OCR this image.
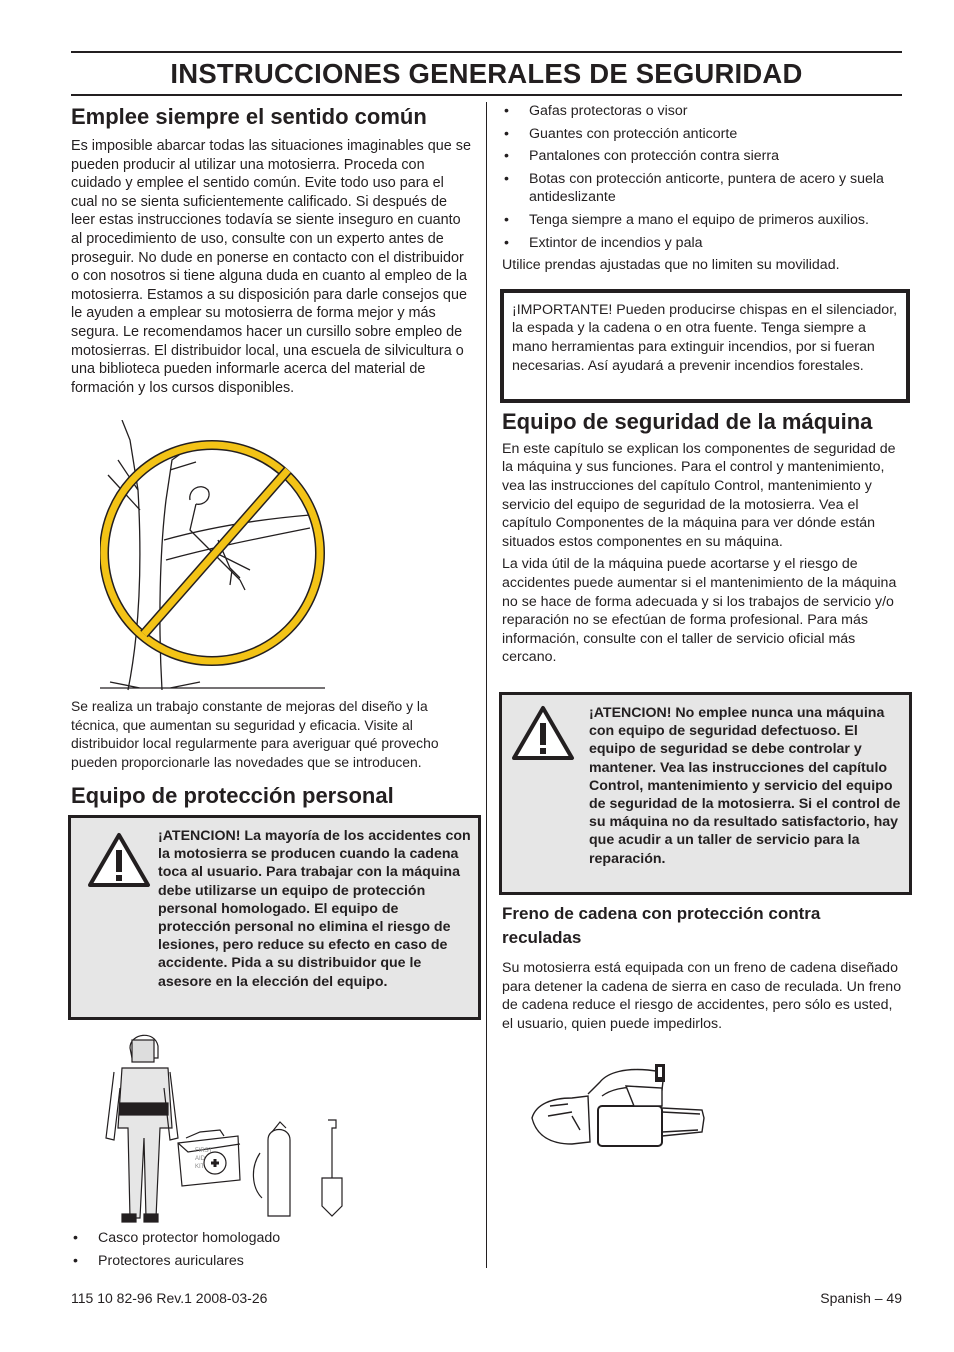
INSTRUCCIONES GENERALES DE SEGURIDAD
Emplee siempre el sentido común

Es imposible abarcar todas las situaciones imaginables que se pueden producir al utilizar una motosierra. Proceda con cuidado y emplee el sentido común. Evite todo uso para el cual no se sienta suficientemente calificado. Si después de leer estas instrucciones todavía se siente inseguro en cuanto al procedimiento de uso, consulte con un experto antes de proseguir. No dude en ponerse en contacto con el distribuidor o con nosotros si tiene alguna duda en cuanto al empleo de la motosierra. Estamos a su disposición para darle consejos que le ayuden a emplear su motosierra de forma mejor y más segura. Le recomendamos hacer un cursillo sobre empleo de motosierras. El distribuidor local, una escuela de silvicultura o una biblioteca pueden informarle acerca del material de formación y los cursos disponibles.

Se realiza un trabajo constante de mejoras del diseño y la técnica, que aumentan su seguridad y eficacia. Visite al distribuidor local regularmente para averiguar qué provecho pueden proporcionarle las novedades que se introducen.

Equipo de protección personal
¡ATENCION! La mayoría de los accidentes con la motosierra se producen cuando la cadena toca al usuario. Para trabajar con la máquina debe utilizarse un equipo de protección personal homologado. El equipo de protección personal no elimina el riesgo de lesiones, pero reduce su efecto en caso de accidente. Pida a su distribuidor que le asesore en la elección del equipo.
FIRST
AID
KIT
• Casco protector homologado
• Protectores auriculares
• Gafas protectoras o visor
• Guantes con protección anticorte
• Pantalones con protección contra sierra
• Botas con protección anticorte, puntera de acero y suela antideslizante
• Tenga siempre a mano el equipo de primeros auxilios.
• Extintor de incendios y pala

Utilice prendas ajustadas que no limiten su movilidad.

¡IMPORTANTE! Pueden producirse chispas en el silenciador, la espada y la cadena o en otra fuente. Tenga siempre a mano herramientas para extinguir incendios, por si fueran necesarias. Así ayudará a prevenir incendios forestales.

Equipo de seguridad de la máquina

En este capítulo se explican los componentes de seguridad de la máquina y sus funciones. Para el control y mantenimiento, vea las instrucciones del capítulo Control, mantenimiento y servicio del equipo de seguridad de la motosierra. Vea el capítulo Componentes de la máquina para ver dónde están situados estos componentes en su máquina.

La vida útil de la máquina puede acortarse y el riesgo de accidentes puede aumentar si el mantenimiento de la máquina no se hace de forma adecuada y si los trabajos de servicio y/o reparación no se efectúan de forma profesional. Para más información, consulte con el taller de servicio oficial más cercano.

¡ATENCION! No emplee nunca una máquina con equipo de seguridad defectuoso. El equipo de seguridad se debe controlar y mantener. Vea las instrucciones del capítulo Control, mantenimiento y servicio del equipo de seguridad de la motosierra. Si el control de su máquina no da resultado satisfactorio, hay que acudir a un taller de servicio para la reparación.
Freno de cadena con protección contra reculadas

Su motosierra está equipada con un freno de cadena diseñado para detener la cadena de sierra en caso de reculada. Un freno de cadena reduce el riesgo de accidentes, pero sólo es usted, el usuario, quien puede impedirlos.

115 10 82-96 Rev.1 2008-03-26	Spanish – 49
